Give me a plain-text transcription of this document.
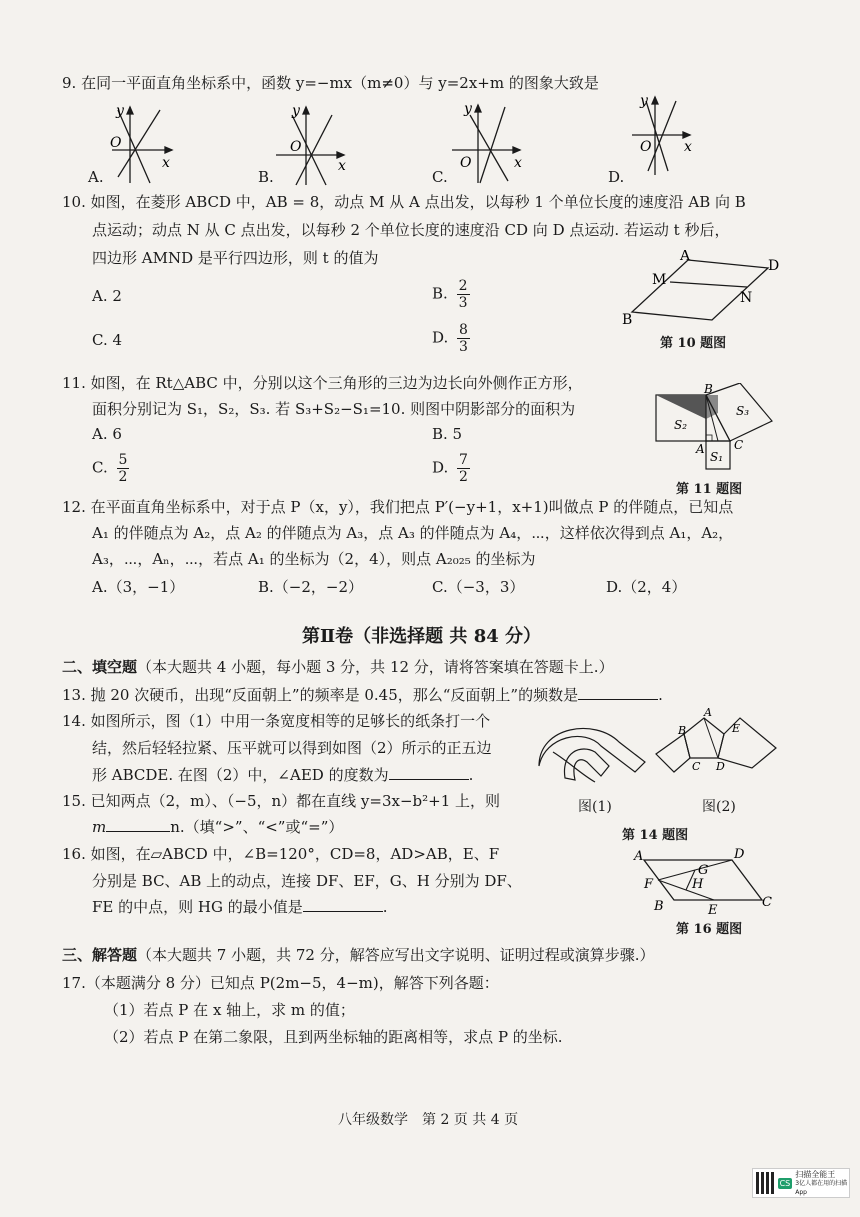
9. 在同一平面直角坐标系中，函数 y=−mx（m≠0）与 y=2x+m 的图象大致是
y
O
x
y
O
x
y
O	x
y
O x
A.	B.	C.	D.
10. 如图，在菱形 ABCD 中，AB = 8，动点 M 从 A 点出发，以每秒 1 个单位长度的速度沿 AB 向 B
点运动；动点 N 从 C 点出发，以每秒 2 个单位长度的速度沿 CD 向 D 点运动. 若运动 t 秒后，
四边形 AMND 是平行四边形，则 t 的值为
A. 2	B. $\frac{2}{3}$
C. 4	D. $\frac{8}{3}$
A
D
M
N
B
第 10 题图
11. 如图，在 Rt△ABC 中，分别以这个三角形的三边为边长向外侧作正方形，
面积分别记为 S₁，S₂，S₃. 若 S₃+S₂−S₁=10. 则图中阴影部分的面积为
A. 6	B. 5
C. $\frac{5}{2}$	D. $\frac{7}{2}$
B
A C
S₁
S₂
S₃
第 11 题图
12. 在平面直角坐标系中，对于点 P（x，y），我们把点 P′(−y+1，x+1)叫做点 P 的伴随点，已知点
A₁ 的伴随点为 A₂，点 A₂ 的伴随点为 A₃，点 A₃ 的伴随点为 A₄，⋯，这样依次得到点 A₁，A₂，
A₃，⋯，Aₙ，⋯，若点 A₁ 的坐标为（2，4），则点 A₂₀₂₅ 的坐标为
A.（3，−1）	B.（−2，−2）	C.（−3，3）	D.（2，4）
第Ⅱ卷（非选择题 共 84 分）
二、填空题（本大题共 4 小题，每小题 3 分，共 12 分，请将答案填在答题卡上.）
13. 抛 20 次硬币，出现“反面朝上”的频率是 0.45，那么“反面朝上”的频数是	.
14. 如图所示，图（1）中用一条宽度相等的足够长的纸条打一个
结，然后轻轻拉紧、压平就可以得到如图（2）所示的正五边
形 ABCDE. 在图（2）中，∠AED 的度数为	.
A
B	E
C D
图(1)	图(2)
第 14 题图
15. 已知两点（2，m）、（−5，n）都在直线 y=3x−b²+1 上，则
m	n.（填“>”、“<”或“=”）
16. 如图，在▱ABCD 中，∠B=120°，CD=8，AD>AB，E、F
分别是 BC、AB 上的动点，连接 DF、EF，G、H 分别为 DF、
FE 的中点，则 HG 的最小值是	.
A	D
F
G
H
B	E
C
第 16 题图
三、解答题（本大题共 7 小题，共 72 分，解答应写出文字说明、证明过程或演算步骤.）
17.（本题满分 8 分）已知点 P(2m−5，4−m)，解答下列各题：
（1）若点 P 在 x 轴上，求 m 的值；
（2）若点 P 在第二象限，且到两坐标轴的距离相等，求点 P 的坐标.
八年级数学　第 2 页 共 4 页
CS
扫描全能王
3亿人都在用的扫描App
